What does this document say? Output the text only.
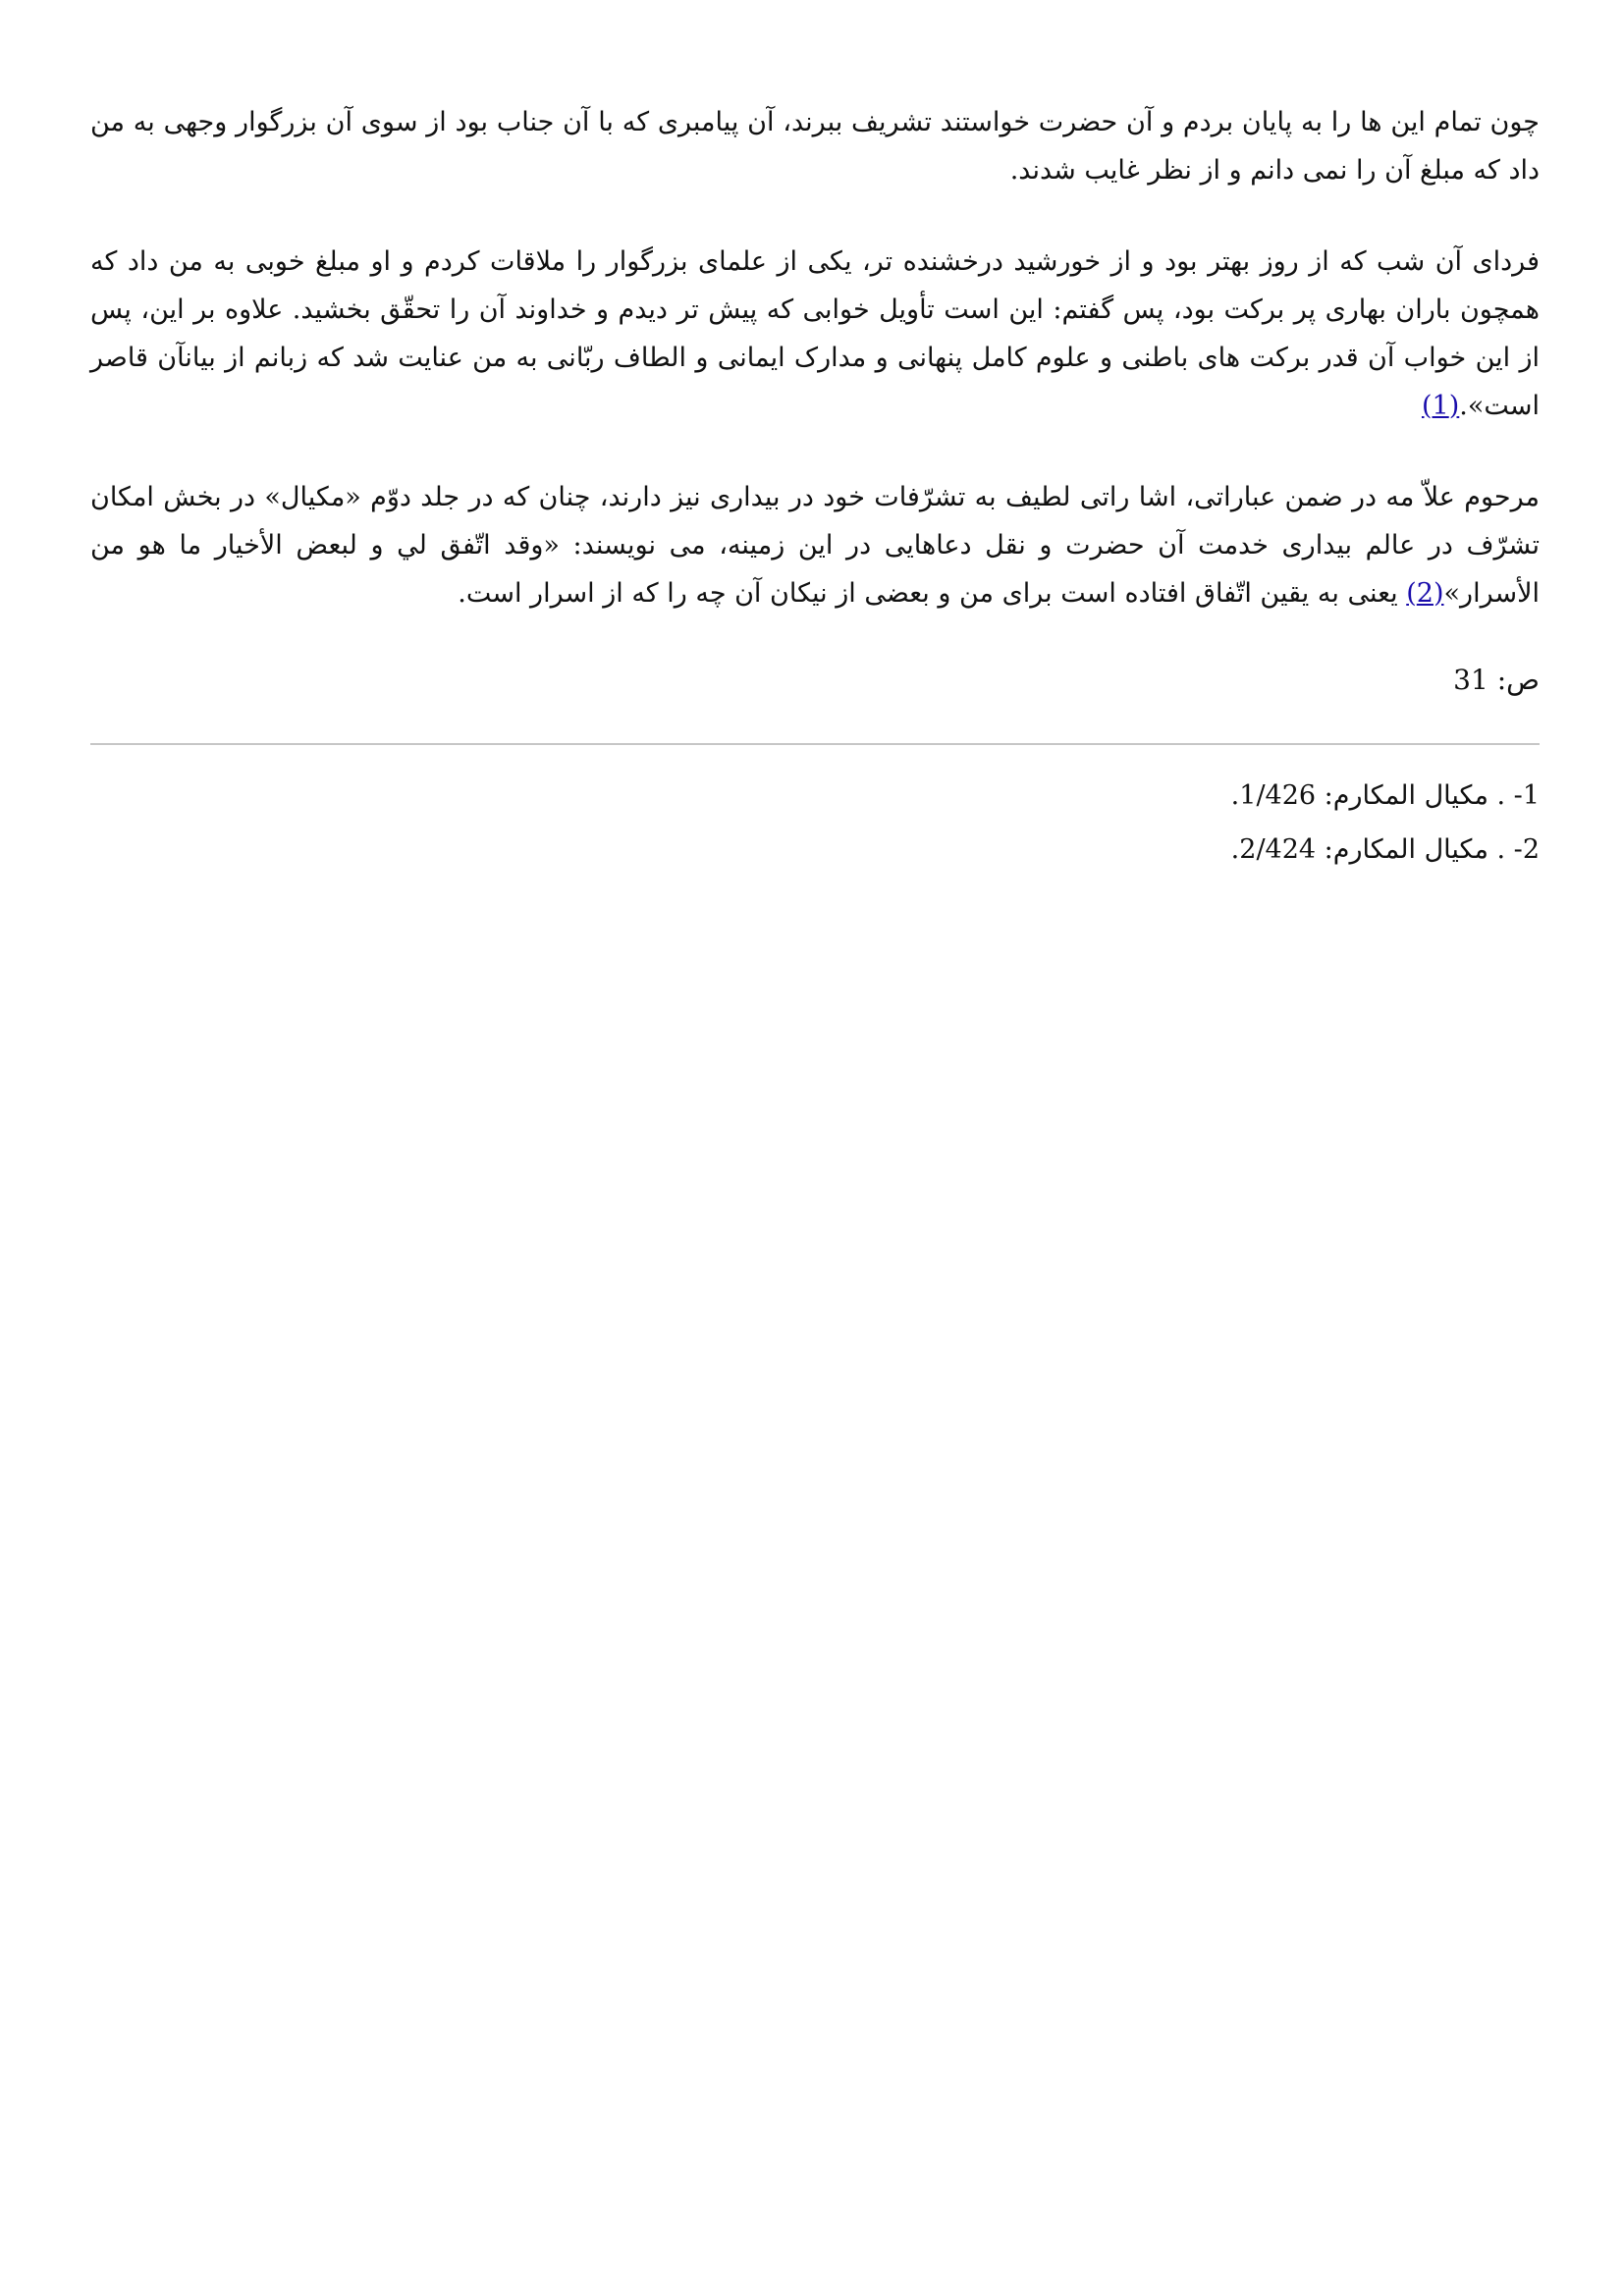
چون تمام این ها را به پایان بردم و آن حضرت خواستند تشریف ببرند، آن پیامبری که با آن جناب بود از سوی آن بزرگوار وجهی به من داد که مبلغ آن را نمی دانم و از نظر غایب شدند.

فردای آن شب که از روز بهتر بود و از خورشید درخشنده تر، یکی از علمای بزرگوار را ملاقات کردم و او مبلغ خوبی به من داد که همچون باران بهاری پر برکت بود، پس گفتم: این است تأویل خوابی که پیش تر دیدم و خداوند آن را تحقّق بخشید. علاوه بر این، پس از این خواب آن قدر برکت های باطنی و علوم کامل پنهانی و مدارک ایمانی و الطاف ربّانی به من عنایت شد که زبانم از بیانآن قاصر است».(1)

مرحوم علاّ مه در ضمن عباراتی، اشا راتی لطیف به تشرّفات خود در بیداری نیز دارند، چنان که در جلد دوّم «مکیال» در بخش امکان تشرّف در عالم بیداری خدمت آن حضرت و نقل دعاهایی در این زمینه، می نویسند: «وقد اتّفق لي و لبعض الأخيار ما هو من الأسرار»(2) یعنی به یقین اتّفاق افتاده است برای من و بعضی از نیکان آن چه را که از اسرار است.

ص: 31
1- . مکیال المکارم: 1/426.
2- . مکیال المکارم: 2/424.
